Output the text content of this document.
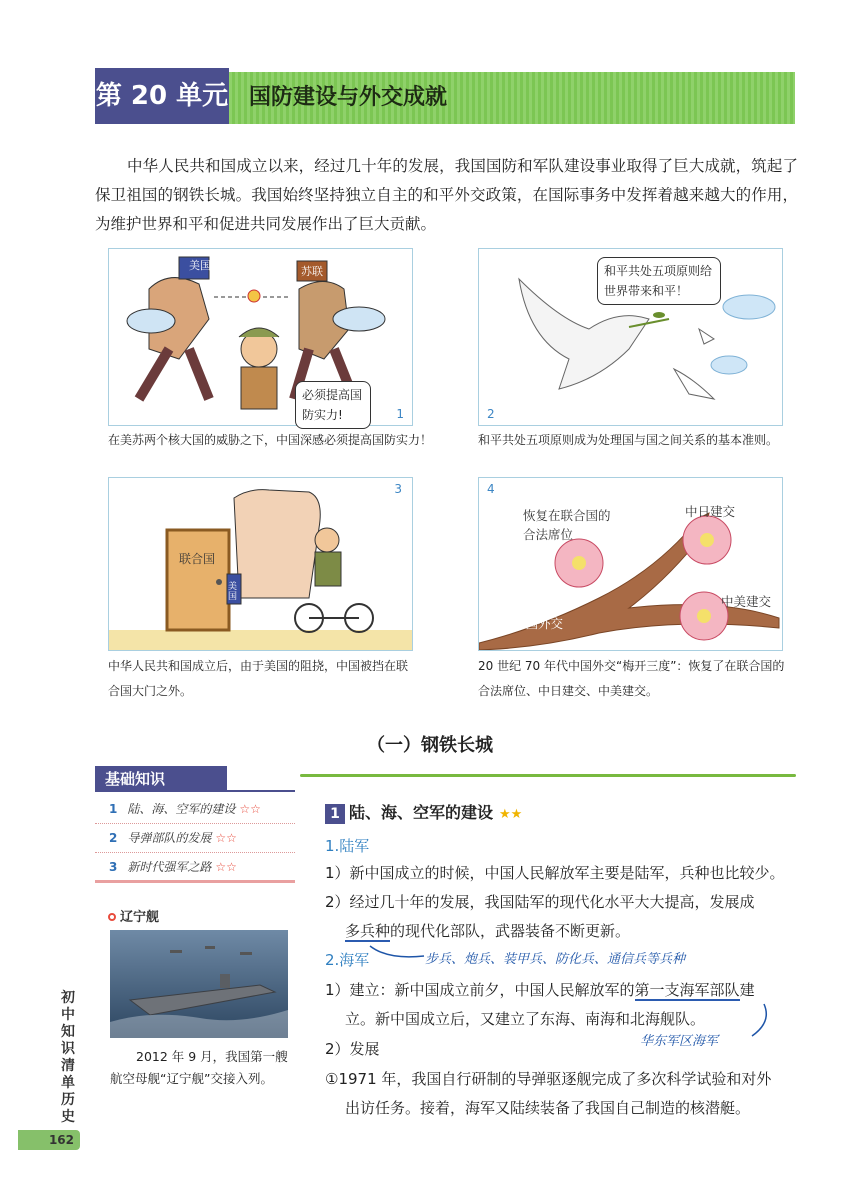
第 20 单元 国防建设与外交成就

中华人民共和国成立以来，经过几十年的发展，我国国防和军队建设事业取得了巨大成就，筑起了保卫祖国的钢铁长城。我国始终坚持独立自主的和平外交政策，在国际事务中发挥着越来越大的作用，为维护世界和平和促进共同发展作出了巨大贡献。

美国	苏联
必须提高国防实力!	1

在美苏两个核大国的威胁之下，中国深感必须提高国防实力！

和平共处五项原则给世界带来和平！
2

和平共处五项原则成为处理国与国之间关系的基本准则。

联合国
美国
3

中华人民共和国成立后，由于美国的阻挠，中国被挡在联合国大门之外。

恢复在联合国的合法席位
中日建交
中美建交
中国外交
4

20 世纪 70 年代中国外交“梅开三度”：恢复了在联合国的合法席位、中日建交、中美建交。

（一）钢铁长城
基础知识
1 陆、海、空军的建设 ☆☆
2 导弹部队的发展 ☆☆
3 新时代强军之路 ☆☆
辽宁舰

2012 年 9 月，我国第一艘航空母舰“辽宁舰”交接入列。

初中知识清单 历史
162
1 陆、海、空军的建设 ★★

1.陆军

1）新中国成立的时候，中国人民解放军主要是陆军，兵种也比较少。

2）经过几十年的发展，我国陆军的现代化水平大大提高，发展成

多兵种的现代化部队，武器装备不断更新。

步兵、炮兵、装甲兵、防化兵、通信兵等兵种

2.海军

1）建立：新中国成立前夕，中国人民解放军的第一支海军部队建

立。新中国成立后，又建立了东海、南海和北海舰队。

华东军区海军

2）发展

①1971 年，我国自行研制的导弹驱逐舰完成了多次科学试验和对外

出访任务。接着，海军又陆续装备了我国自己制造的核潜艇。
